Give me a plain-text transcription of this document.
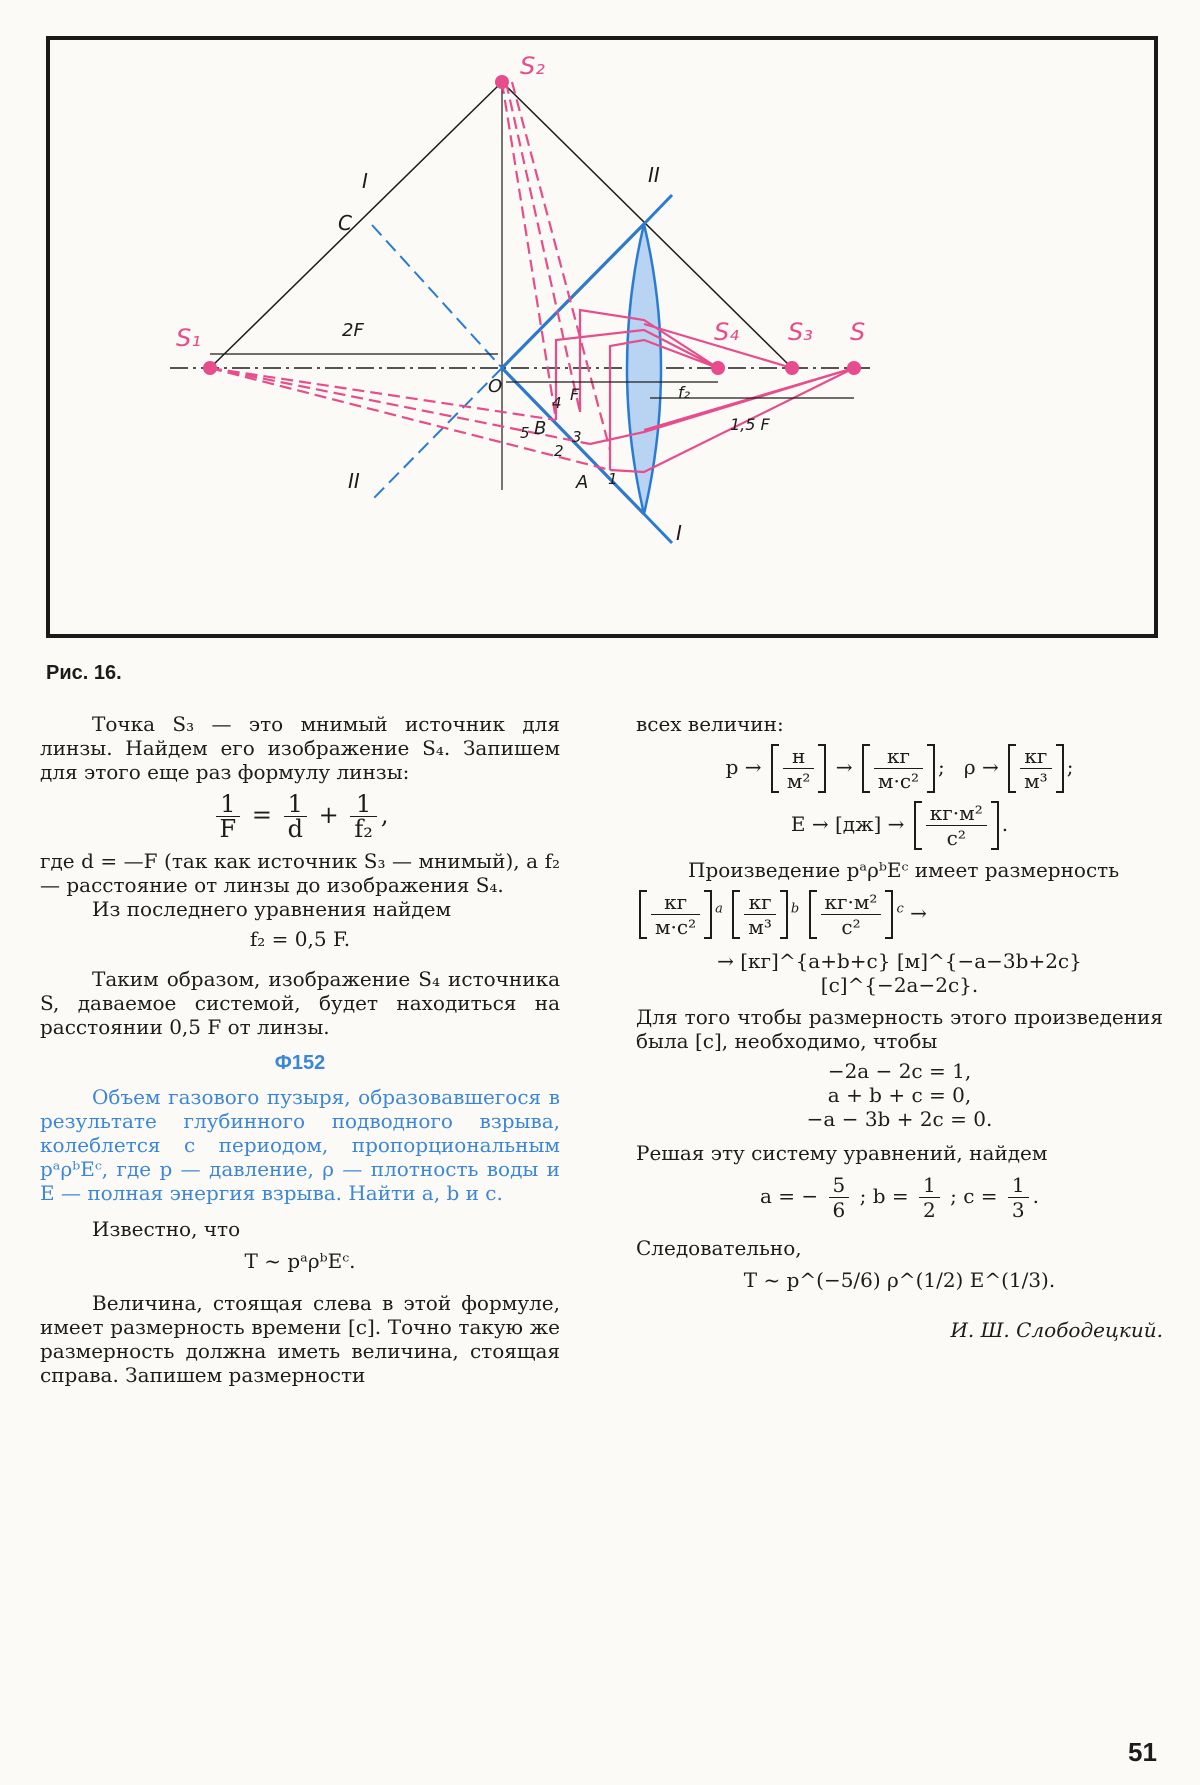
S₂
S₁	S₄ S₃ S
C
O
A
B
I
I
II
II
2F
F	f₂
1,5 F
1
2
3
4
5
Рис. 16.

Точка S₃ — это мнимый источник для линзы. Найдем его изображение S₄. Запишем для этого еще раз формулу линзы:

$\frac{1}{F} = \frac{1}{d} + \frac{1}{\text{f₂}}$ ,

где d = —F (так как источник S₃ — мнимый), а f₂ — расстояние от линзы до изображения S₄.

Из последнего уравнения найдем

f₂ = 0,5 F.

Таким образом, изображение S₄ источника S, даваемое системой, будет находиться на расстоянии 0,5 F от линзы.

Ф152

Объем газового пузыря, образовавшегося в результате глубинного подводного взрыва, колеблется с периодом, пропорциональным pᵃρᵇEᶜ, где p — давление, ρ — плотность воды и E — полная энергия взрыва. Найти a, b и c.

Известно, что

T ~ pᵃρᵇEᶜ.

Величина, стоящая слева в этой формуле, имеет размерность времени [c]. Точно такую же размерность должна иметь величина, стоящая справа. Запишем размерности

всех величин:

$p \to \frac{н}{\text{м²}} \to \frac{кг}{\text{м·c²}}$ ; $\rho \to \frac{кг}{\text{м³}}$ ;
$E \to [дж] \to \frac{\text{кг·м²}}{\text{c²}}$ .

Произведение pᵃρᵇEᶜ имеет размерность

$\frac{кг}{\text{м·c²}} ^a \frac{кг}{\text{м³}} ^b \frac{\text{кг·м²}}{\text{c²}} ^c$ →

→ [кг]^{a+b+c} [м]^{−a−3b+2c} [c]^{−2a−2c}.

Для того чтобы размерность этого произведения была [c], необходимо, чтобы

−2a − 2c = 1,
a + b + c = 0,
−a − 3b + 2c = 0.

Решая эту систему уравнений, найдем

a = − $\frac{5}{6}$ ; $b = \frac{1}{2}$ ; $c = \frac{1}{3}$ .

Следовательно,

T ~ p^(−5/6) ρ^(1/2) E^(1/3).

И. Ш. Слободецкий.

51
